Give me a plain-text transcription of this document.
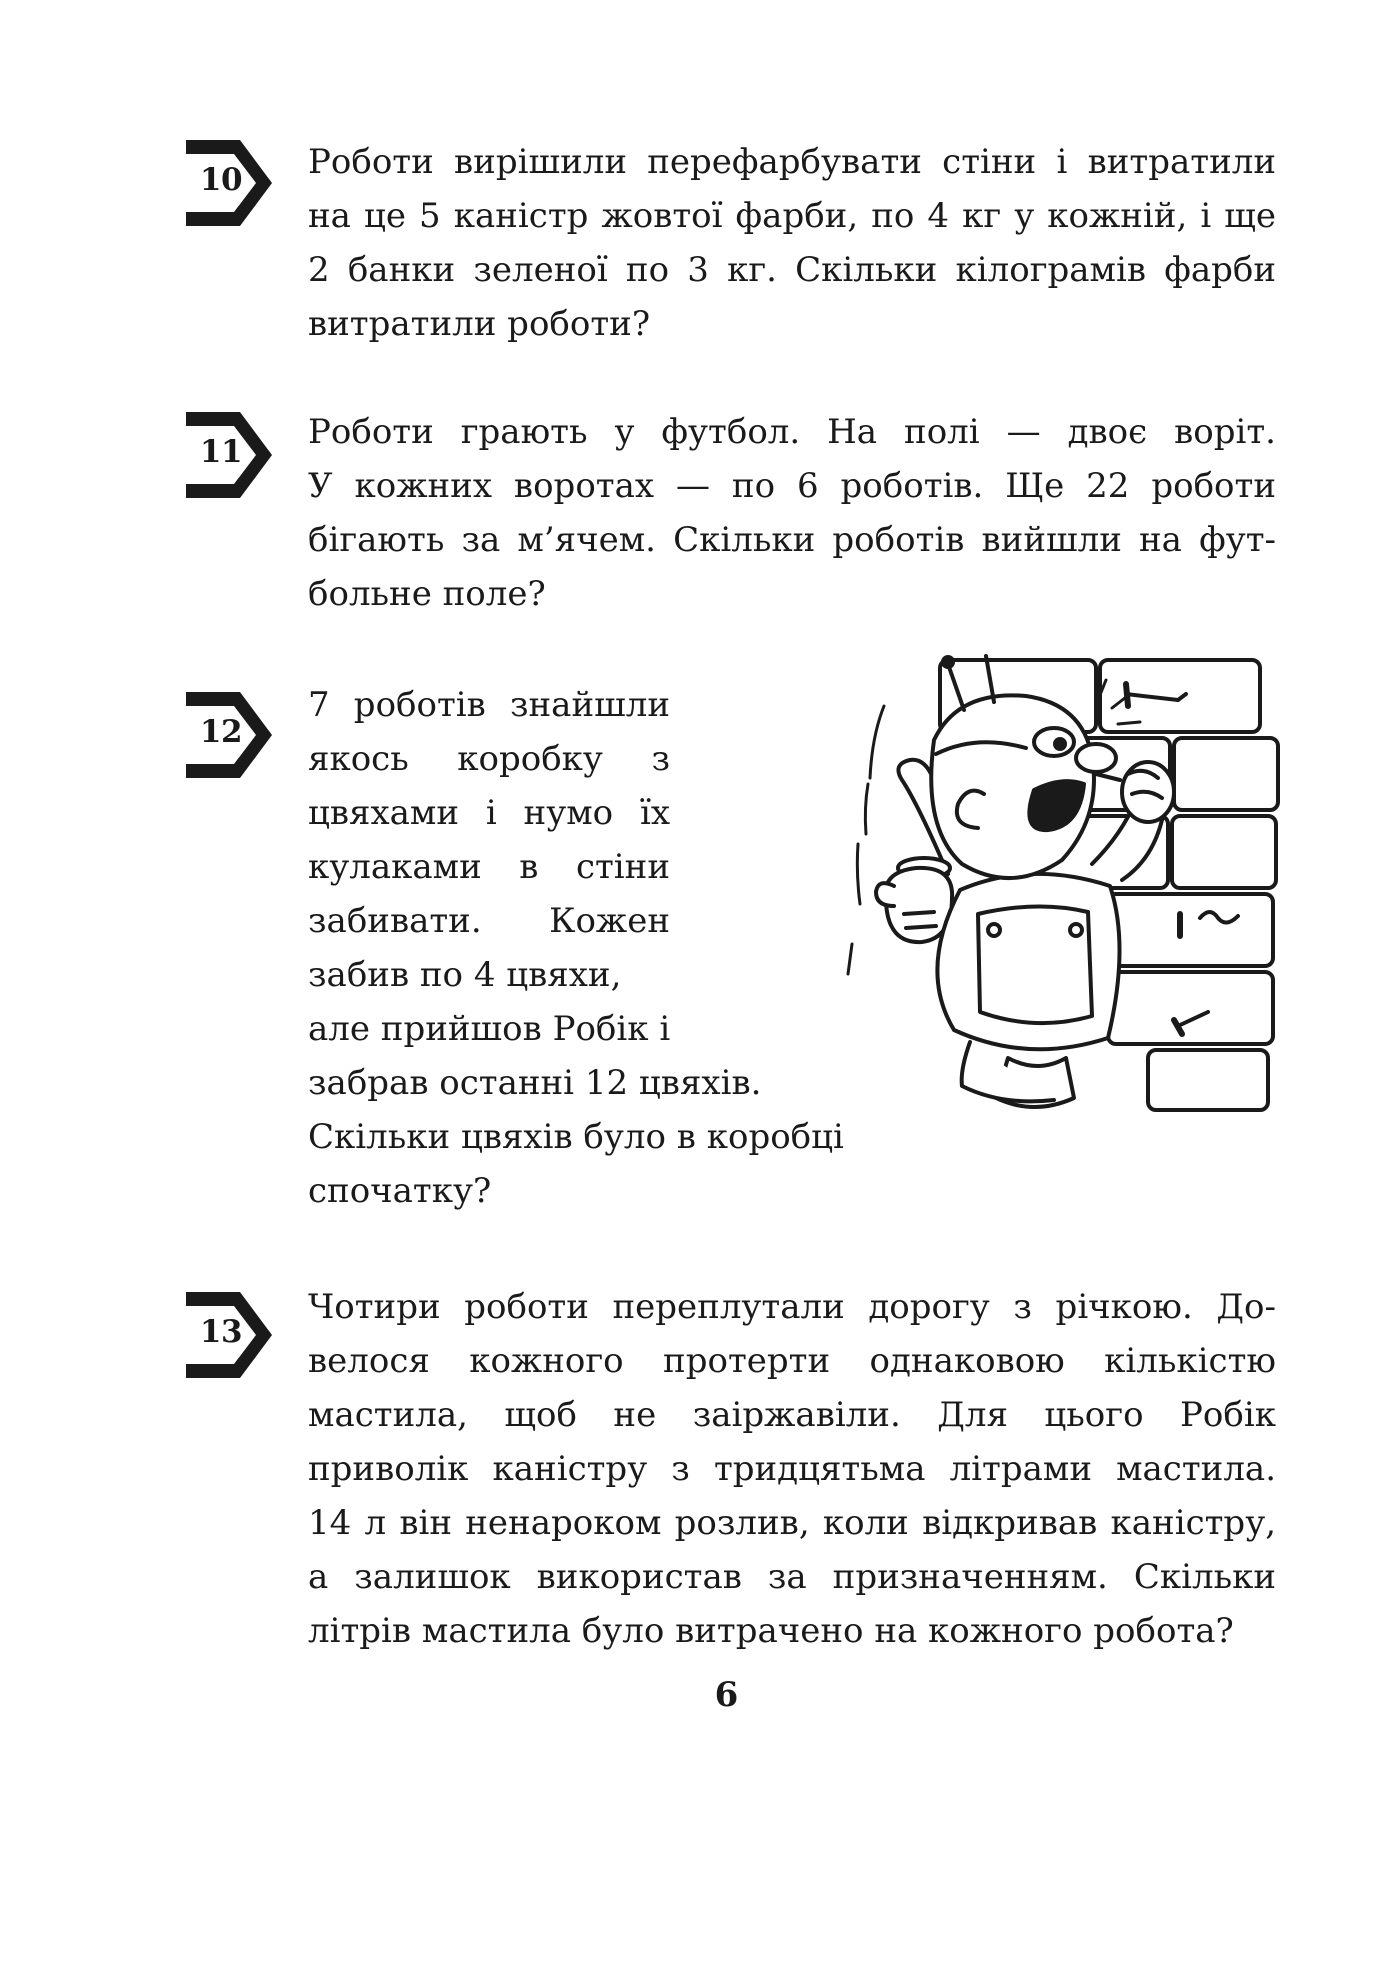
10	Роботи вирішили перефарбувати стіни і витратили
на це 5 каністр жовтої фарби, по 4 кг у кожній, і ще
2 банки зеленої по 3 кг. Скільки кілограмів фарби
витратили роботи?
11	Роботи грають у футбол. На полі — двоє воріт.
У кожних воротах — по 6 роботів. Ще 22 роботи
бігають за м’ячем. Скільки роботів вийшли на фут-
больне поле?
12
7 роботів знайшли
якось коробку з
цвяхами і нумо їх
кулаками в стіни
забивати. Кожен
забив по 4 цвяхи,
але прийшов Робік і
забрав останні 12 цвяхів.
Скільки цвяхів було в коробці
спочатку?
13
Чотири роботи переплутали дорогу з річкою. До-
велося кожного протерти однаковою кількістю
мастила, щоб не заіржавіли. Для цього Робік
приволік каністру з тридцятьма літрами мастила.
14 л він ненароком розлив, коли відкривав каністру,
а залишок використав за призначенням. Скільки
літрів мастила було витрачено на кожного робота?
6
